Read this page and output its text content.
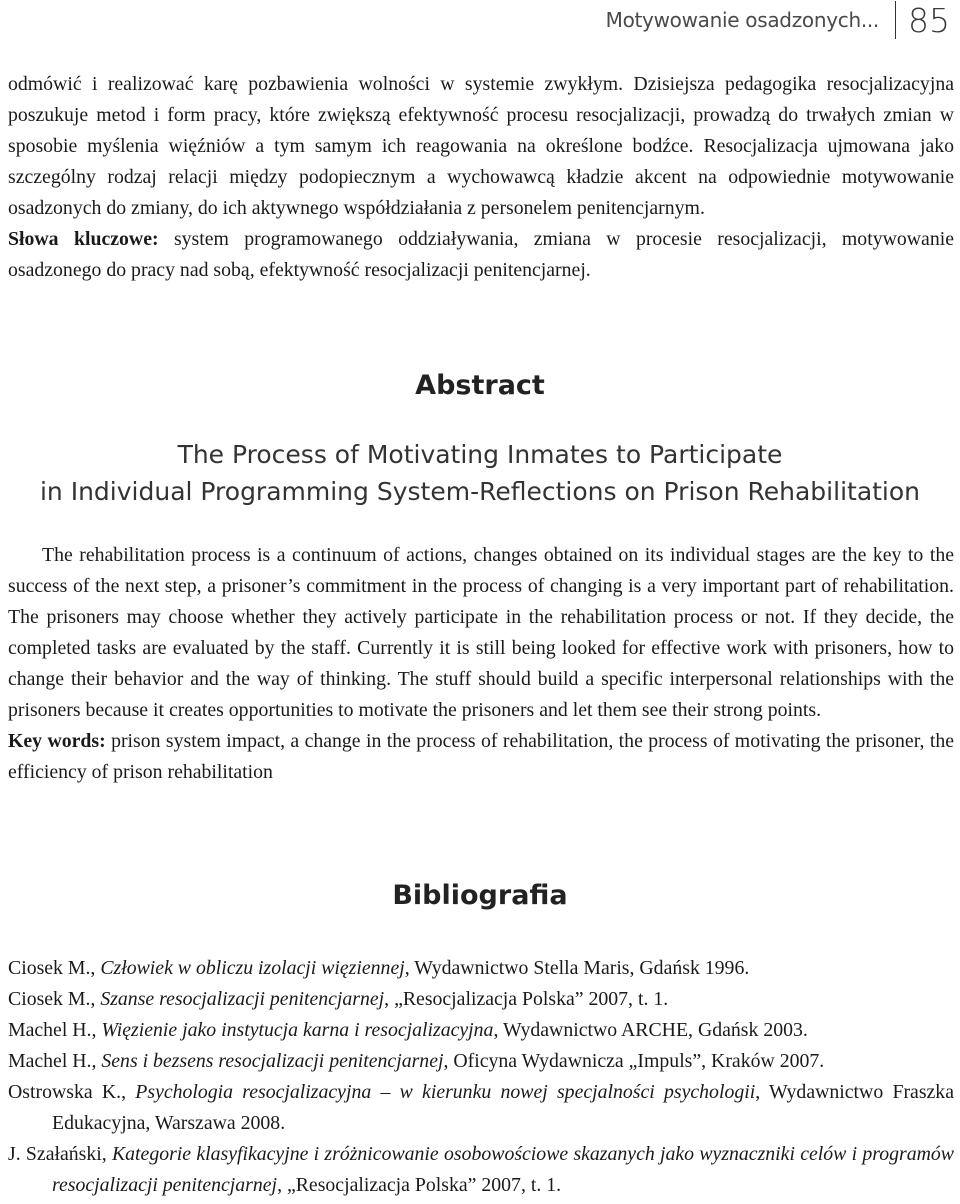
Motywowanie osadzonych... 85

odmówić i realizować karę pozbawienia wolności w systemie zwykłym. Dzisiejsza pedagogika resocjalizacyjna poszukuje metod i form pracy, które zwiększą efektywność procesu resocjalizacji, prowadzą do trwałych zmian w sposobie myślenia więźniów a tym samym ich reagowania na określone bodźce. Resocjalizacja ujmowana jako szczególny rodzaj relacji między podopiecznym a wychowawcą kładzie akcent na odpowiednie motywowanie osadzonych do zmiany, do ich aktywnego współdziałania z personelem penitencjarnym.

Słowa kluczowe: system programowanego oddziaływania, zmiana w procesie resocjalizacji, motywowanie osadzonego do pracy nad sobą, efektywność resocjalizacji penitencjarnej.

Abstract
The Process of Motivating Inmates to Participate
in Individual Programming System-Reflections on Prison Rehabilitation

The rehabilitation process is a continuum of actions, changes obtained on its individual stages are the key to the success of the next step, a prisoner’s commitment in the process of changing is a very important part of rehabilitation. The prisoners may choose whether they actively participate in the rehabilitation process or not. If they decide, the completed tasks are evaluated by the staff. Currently it is still being looked for effective work with prisoners, how to change their behavior and the way of thinking. The stuff should build a specific interpersonal relationships with the prisoners because it creates opportunities to motivate the prisoners and let them see their strong points.

Key words: prison system impact, a change in the process of rehabilitation, the process of motivating the prisoner, the efficiency of prison rehabilitation

Bibliografia
Ciosek M., Człowiek w obliczu izolacji więziennej, Wydawnictwo Stella Maris, Gdańsk 1996.
Ciosek M., Szanse resocjalizacji penitencjarnej, „Resocjalizacja Polska” 2007, t. 1.
Machel H., Więzienie jako instytucja karna i resocjalizacyjna, Wydawnictwo ARCHE, Gdańsk 2003.
Machel H., Sens i bezsens resocjalizacji penitencjarnej, Oficyna Wydawnicza „Impuls”, Kraków 2007.
Ostrowska K., Psychologia resocjalizacyjna – w kierunku nowej specjalności psychologii, Wydawnictwo Fraszka Edukacyjna, Warszawa 2008.
J. Szałański, Kategorie klasyfikacyjne i zróżnicowanie osobowościowe skazanych jako wyznaczniki celów i programów resocjalizacji penitencjarnej, „Resocjalizacja Polska” 2007, t. 1.
